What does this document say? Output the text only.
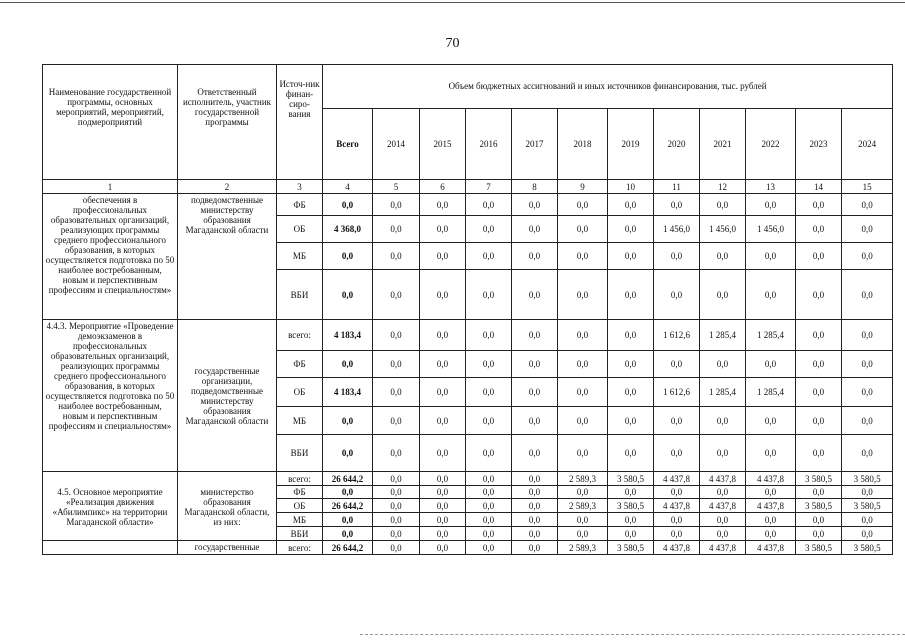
70
Наименование государственной программы, основных мероприятий, мероприятий, подмероприятий	Ответственный исполнитель, участник государственной программы	Источ-ник финан-сиро-вания	Объем бюджетных ассигнований и иных источников финансирования, тыс. рублей											
			Всего	2014	2015	2016	2017	2018	2019	2020	2021	2022	2023	2024
1	2	3	4	5	6	7	8	9	10	11	12	13	14	15
обеспечения в профессиональных образовательных организаций, реализующих программы среднего профессионального образования, в которых осуществляется подготовка по 50 наиболее востребованным, новым и перспективным профессиям и специальностям»	подведомственные министерству образования Магаданской области	ФБ	0,0	0,0	0,0	0,0	0,0	0,0	0,0	0,0	0,0	0,0	0,0	0,0
		ОБ	4 368,0	0,0	0,0	0,0	0,0	0,0	0,0	1 456,0	1 456,0	1 456,0	0,0	0,0
		МБ	0,0	0,0	0,0	0,0	0,0	0,0	0,0	0,0	0,0	0,0	0,0	0,0
		ВБИ	0,0	0,0	0,0	0,0	0,0	0,0	0,0	0,0	0,0	0,0	0,0	0,0
4.4.3. Мероприятие «Проведение демоэкзаменов в профессиональных образовательных организаций, реализующих программы среднего профессионального образования, в которых осуществляется подготовка по 50 наиболее востребованным, новым и перспективным профессиям и специальностям»	государственные организации, подведомственные министерству образования Магаданской области	всего:	4 183,4	0,0	0,0	0,0	0,0	0,0	0,0	1 612,6	1 285,4	1 285,4	0,0	0,0
		ФБ	0,0	0,0	0,0	0,0	0,0	0,0	0,0	0,0	0,0	0,0	0,0	0,0
		ОБ	4 183,4	0,0	0,0	0,0	0,0	0,0	0,0	1 612,6	1 285,4	1 285,4	0,0	0,0
		МБ	0,0	0,0	0,0	0,0	0,0	0,0	0,0	0,0	0,0	0,0	0,0	0,0
		ВБИ	0,0	0,0	0,0	0,0	0,0	0,0	0,0	0,0	0,0	0,0	0,0	0,0
4.5. Основное мероприятие «Реализация движения «Абилимпикс» на территории Магаданской области»	министерство образования Магаданской области, из них:	всего:	26 644,2	0,0	0,0	0,0	0,0	2 589,3	3 580,5	4 437,8	4 437,8	4 437,8	3 580,5	3 580,5
		ФБ	0,0	0,0	0,0	0,0	0,0	0,0	0,0	0,0	0,0	0,0	0,0	0,0
		ОБ	26 644,2	0,0	0,0	0,0	0,0	2 589,3	3 580,5	4 437,8	4 437,8	4 437,8	3 580,5	3 580,5
		МБ	0,0	0,0	0,0	0,0	0,0	0,0	0,0	0,0	0,0	0,0	0,0	0,0
		ВБИ	0,0	0,0	0,0	0,0	0,0	0,0	0,0	0,0	0,0	0,0	0,0	0,0
	государственные	всего:	26 644,2	0,0	0,0	0,0	0,0	2 589,3	3 580,5	4 437,8	4 437,8	4 437,8	3 580,5	3 580,5
